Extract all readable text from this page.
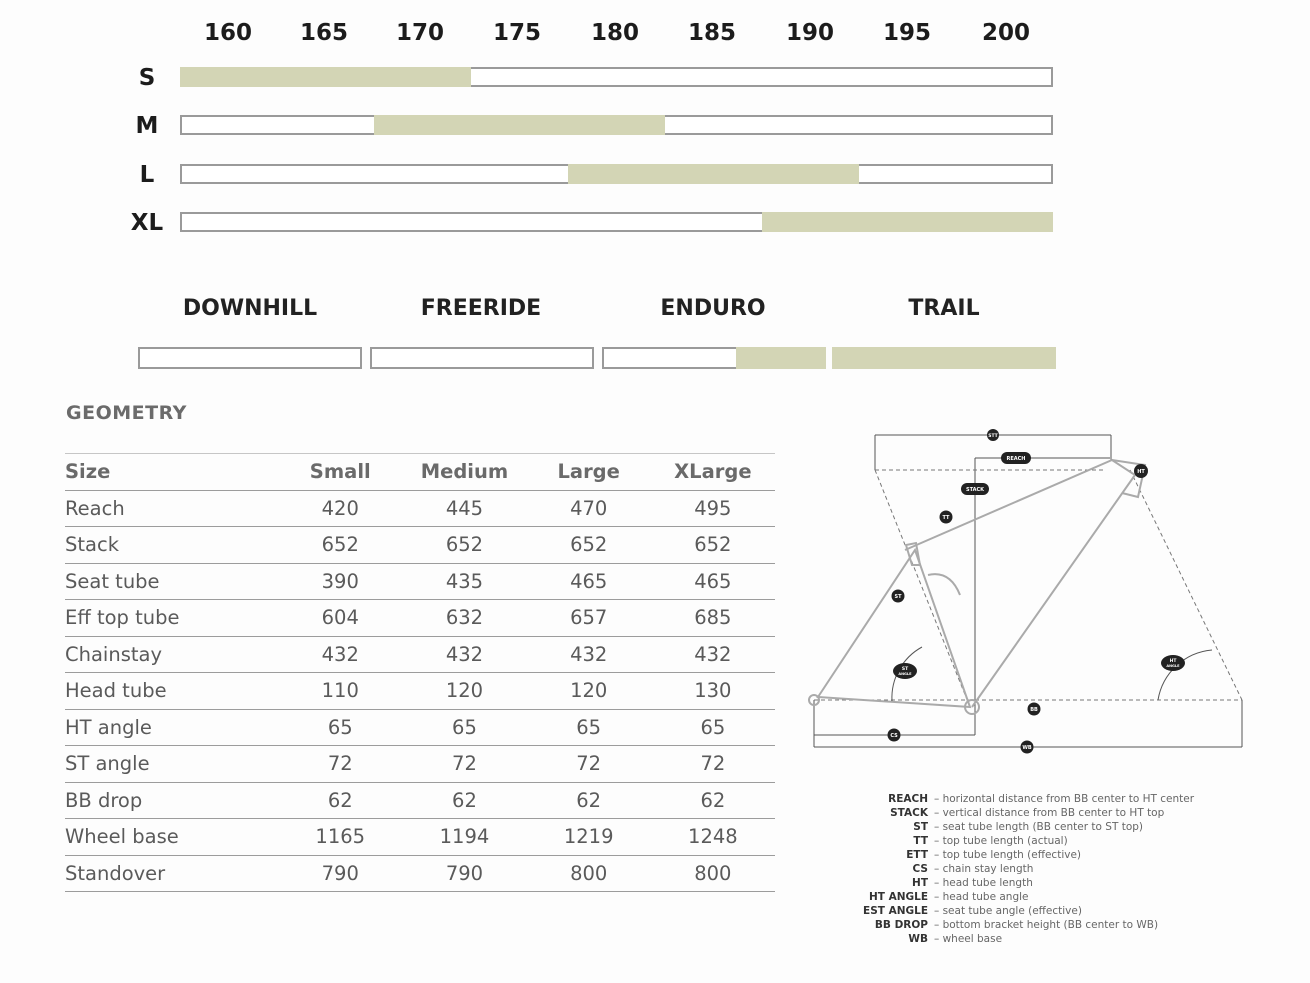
160 165 170 175 180 185 190 195 200
S
M
L
XL
DOWNHILL	FREERIDE	ENDURO	TRAIL
GEOMETRY
Size	Small	Medium	Large	XLarge
Reach	420	445	470	495
Stack	652	652	652	652
Seat tube	390	435	465	465
Eff top tube	604	632	657	685
Chainstay	432	432	432	432
Head tube	110	120	120	130
HT angle	65	65	65	65
ST angle	72	72	72	72
BB drop	62	62	62	62
Wheel base	1165	1194	1219	1248
Standover	790	790	800	800
STT
REACH
STACK
TT
HT
ST
ST
ANGLE
HT
ANGLE
BB
CS
WB
REACH – horizontal distance from BB center to HT center
STACK – vertical distance from BB center to HT top
ST – seat tube length (BB center to ST top)
TT – top tube length (actual)
ETT – top tube length (effective)
CS – chain stay length
HT – head tube length
HT ANGLE – head tube angle
EST ANGLE – seat tube angle (effective)
BB DROP – bottom bracket height (BB center to WB)
WB – wheel base
